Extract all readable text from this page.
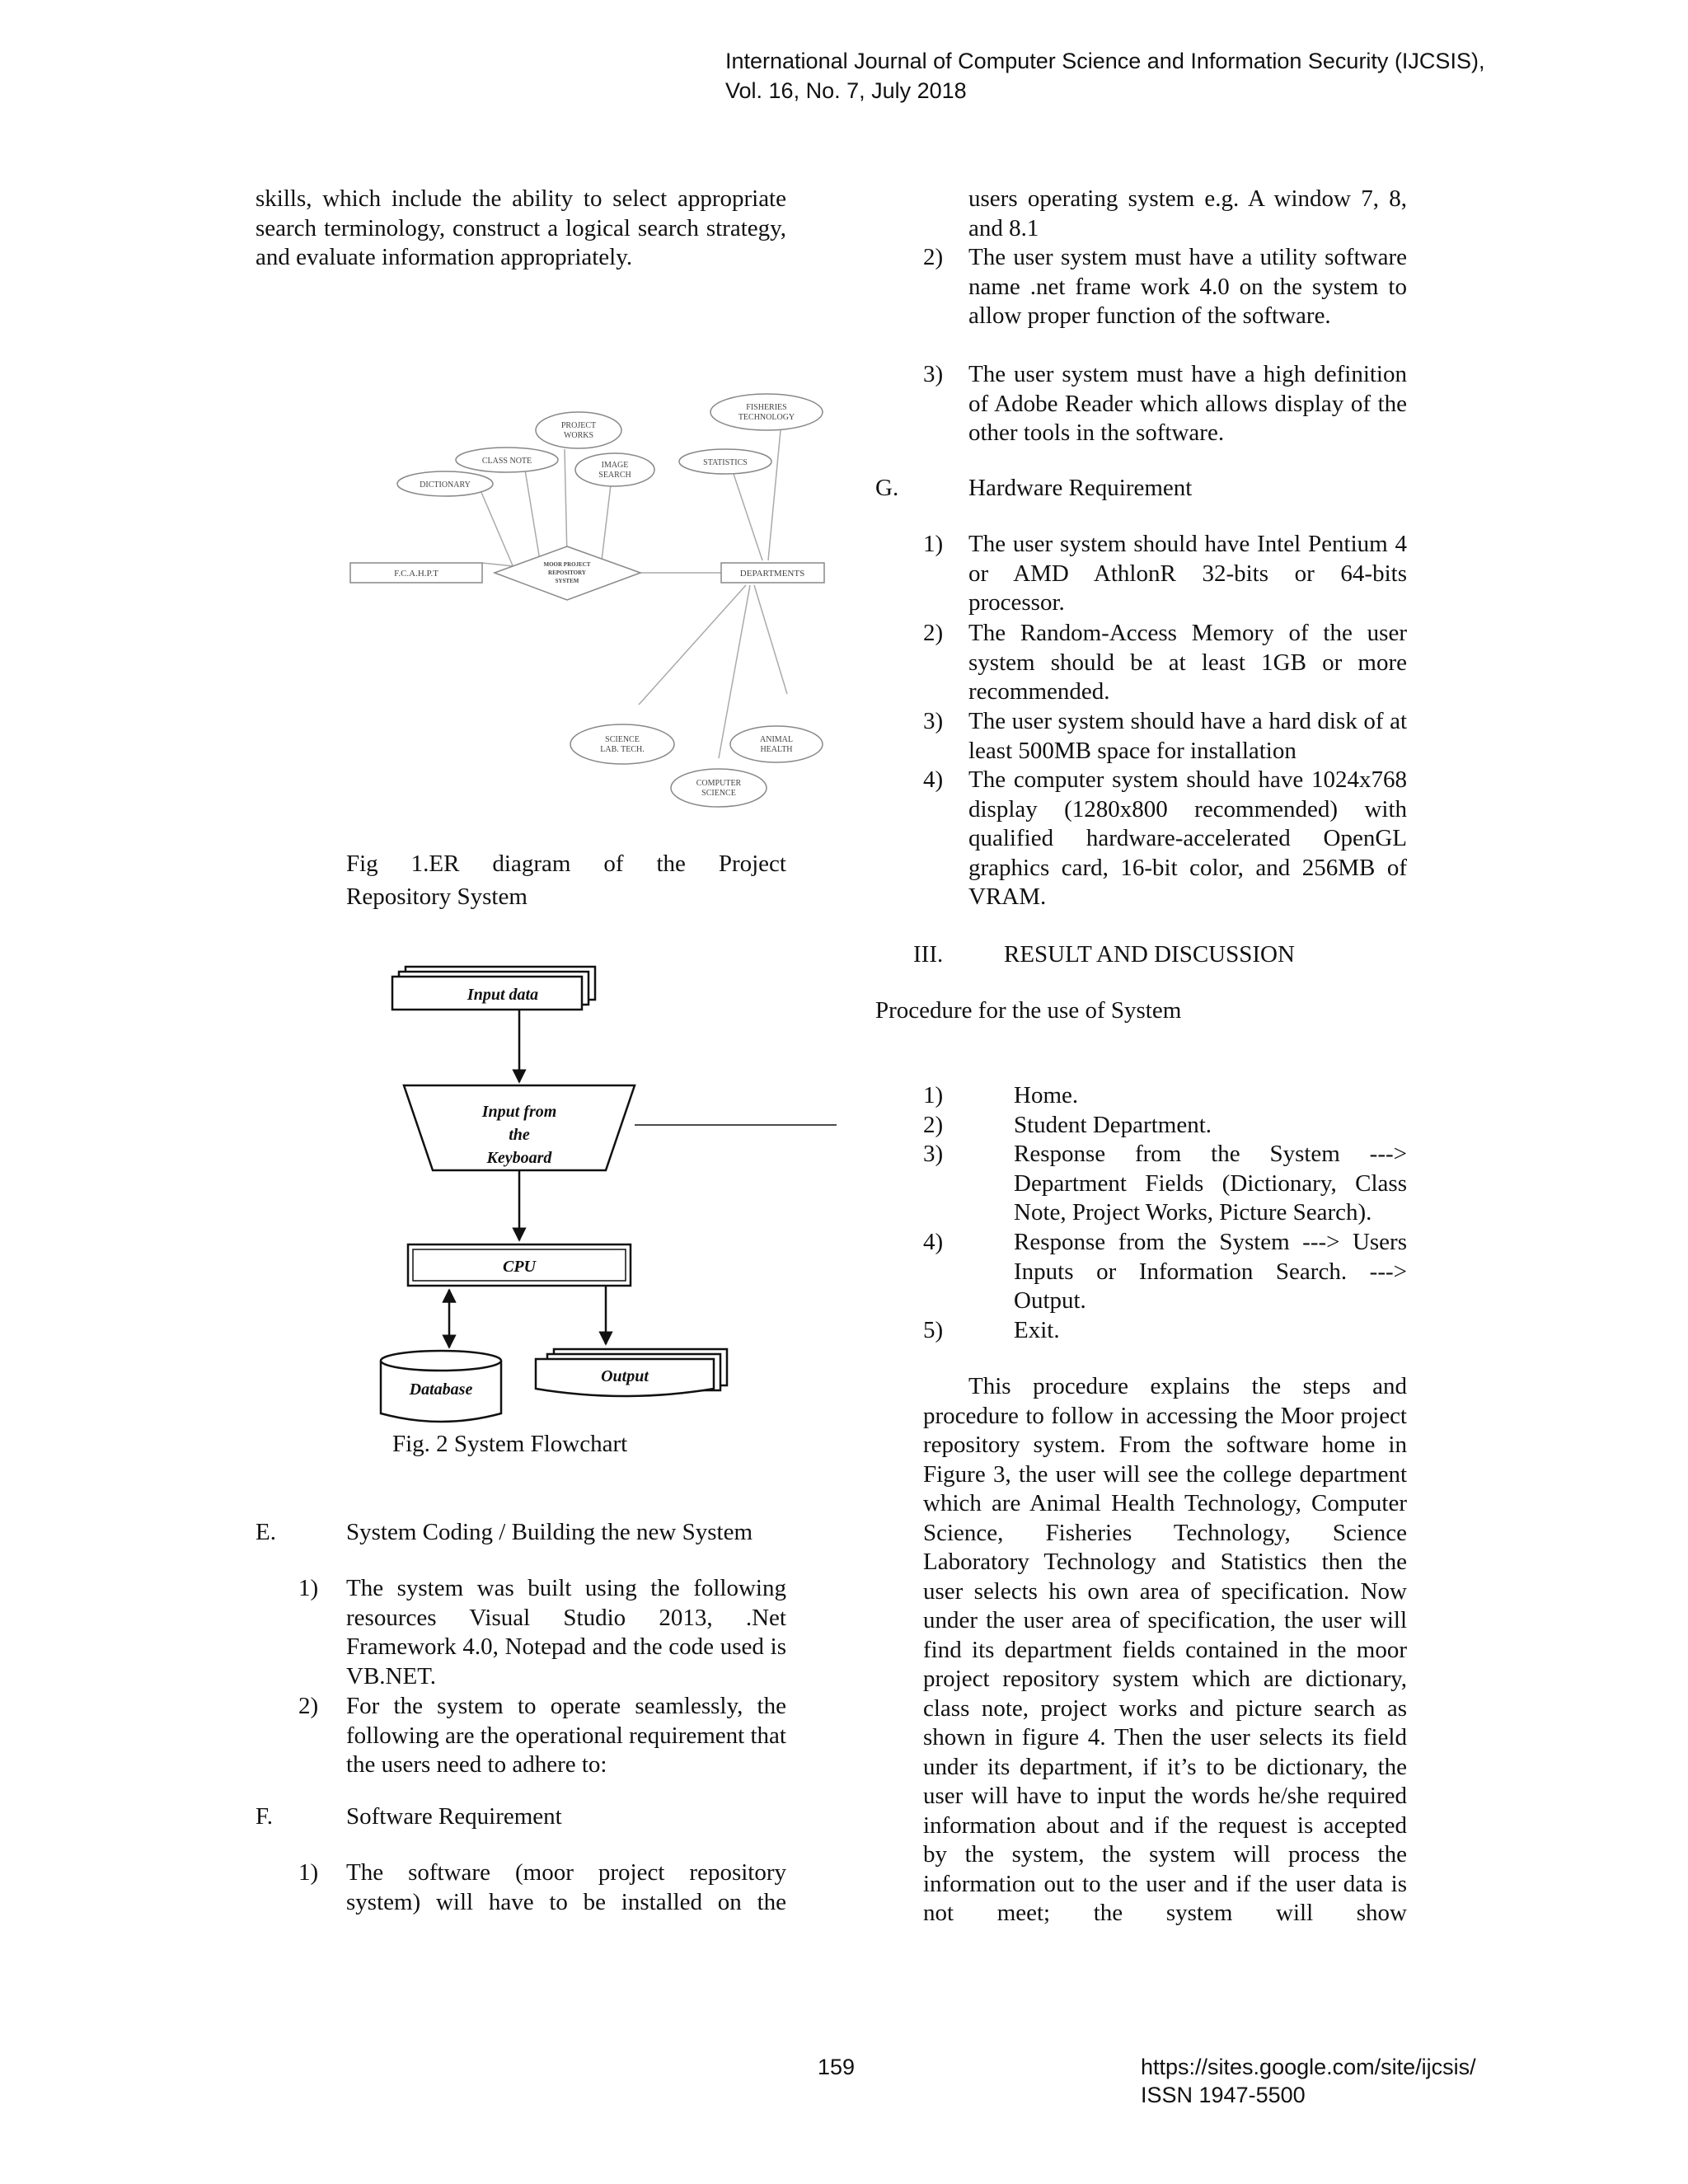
International Journal of Computer Science and Information Security (IJCSIS),
Vol. 16, No. 7, July 2018
skills, which include the ability to select appropriate search terminology, construct a logical search strategy, and evaluate information appropriately.
F.C.A.H.P.T	DEPARTMENTS
MOOR PROJECT
REPOSITORY
SYSTEM
DICTIONARY
CLASS NOTE
PROJECT
WORKS
IMAGE
SEARCH
STATISTICS
FISHERIES
TECHNOLOGY
SCIENCE
LAB. TECH.
ANIMAL
HEALTH
COMPUTER
SCIENCE
Fig 1.ER diagram of the Project
Repository System
Input data
Input from
the
Keyboard
CPU
Database
Output
Fig. 2 System Flowchart
E.	System Coding / Building the new System
1) The system was built using the following resources Visual Studio 2013, .Net Framework 4.0, Notepad and the code used is VB.NET.
2) For the system to operate seamlessly, the following are the operational requirement that the users need to adhere to:
F.	Software Requirement
1) The software (moor project repository system) will have to be installed on the
users operating system e.g. A window 7, 8, and 8.1
2) The user system must have a utility software name .net frame work 4.0 on the system to allow proper function of the software.
3) The user system must have a high definition of Adobe Reader which allows display of the other tools in the software.
G.	Hardware Requirement
1) The user system should have Intel Pentium 4 or AMD AthlonR 32-bits or 64-bits processor.
2) The Random-Access Memory of the user system should be at least 1GB or more recommended.
3) The user system should have a hard disk of at least 500MB space for installation
4) The computer system should have 1024x768 display (1280x800 recommended) with qualified hardware-accelerated OpenGL graphics card, 16-bit color, and 256MB of VRAM.
III.	RESULT AND DISCUSSION
Procedure for the use of System
1)	Home.
2)	Student Department.
3)	Response from the System ---> Department Fields (Dictionary, Class Note, Project Works, Picture Search).
4)	Response from the System ---> Users Inputs or Information Search. ---> Output.
5)	Exit.
This procedure explains the steps and procedure to follow in accessing the Moor project repository system. From the software home in Figure 3, the user will see the college department which are Animal Health Technology, Computer Science, Fisheries Technology, Science Laboratory Technology and Statistics then the user selects his own area of specification. Now under the user area of specification, the user will find its department fields contained in the moor project repository system which are dictionary, class note, project works and picture search as shown in figure 4. Then the user selects its field under its department, if it’s to be dictionary, the user will have to input the words he/she required information about and if the request is accepted by the system, the system will process the information out to the user and if the user data is not meet; the system will show
159	https://sites.google.com/site/ijcsis/
ISSN 1947-5500
